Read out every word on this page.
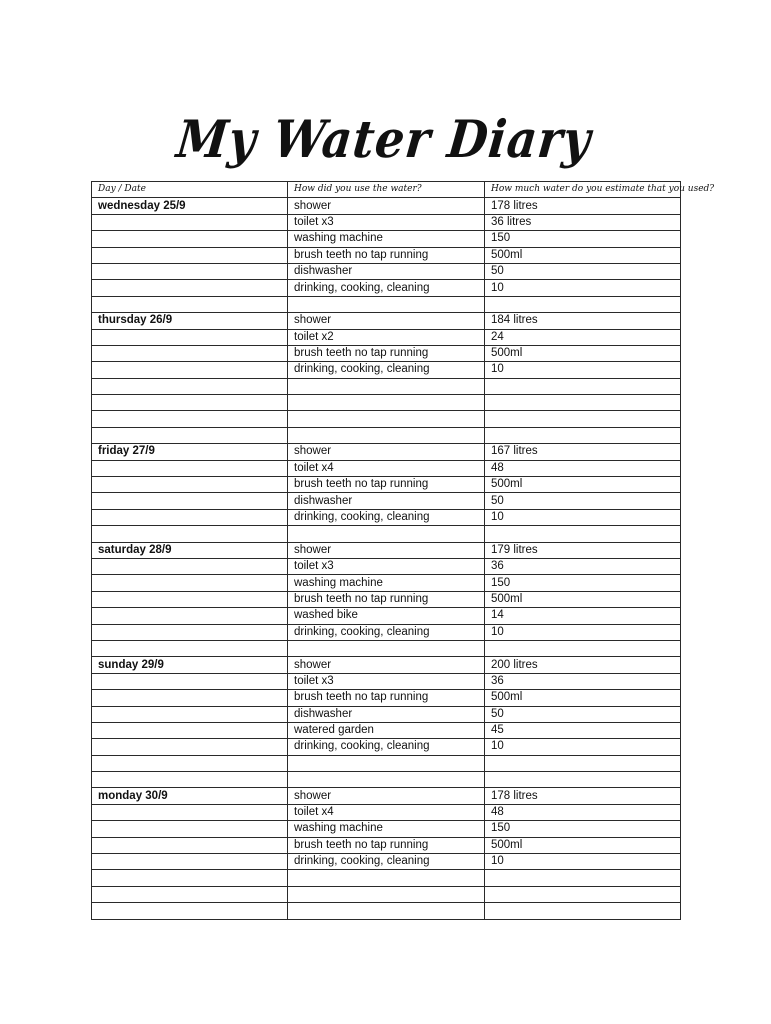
My Water Diary
Day / Date	How did you use the water?	How much water do you estimate that you used?
wednesday 25/9	shower	178 litres
	toilet x3	36 litres
	washing machine	150
	brush teeth no tap running	500ml
	dishwasher	50
	drinking, cooking, cleaning	10

thursday 26/9	shower	184 litres
	toilet x2	24
	brush teeth no tap running	500ml
	drinking, cooking, cleaning	10

friday 27/9	shower	167 litres
	toilet x4	48
	brush teeth no tap running	500ml
	dishwasher	50
	drinking, cooking, cleaning	10

saturday 28/9	shower	179 litres
	toilet x3	36
	washing machine	150
	brush teeth no tap running	500ml
	washed bike	14
	drinking, cooking, cleaning	10

sunday 29/9	shower	200 litres
	toilet x3	36
	brush teeth no tap running	500ml
	dishwasher	50
	watered garden	45
	drinking, cooking, cleaning	10

monday 30/9	shower	178 litres
	toilet x4	48
	washing machine	150
	brush teeth no tap running	500ml
	drinking, cooking, cleaning	10
